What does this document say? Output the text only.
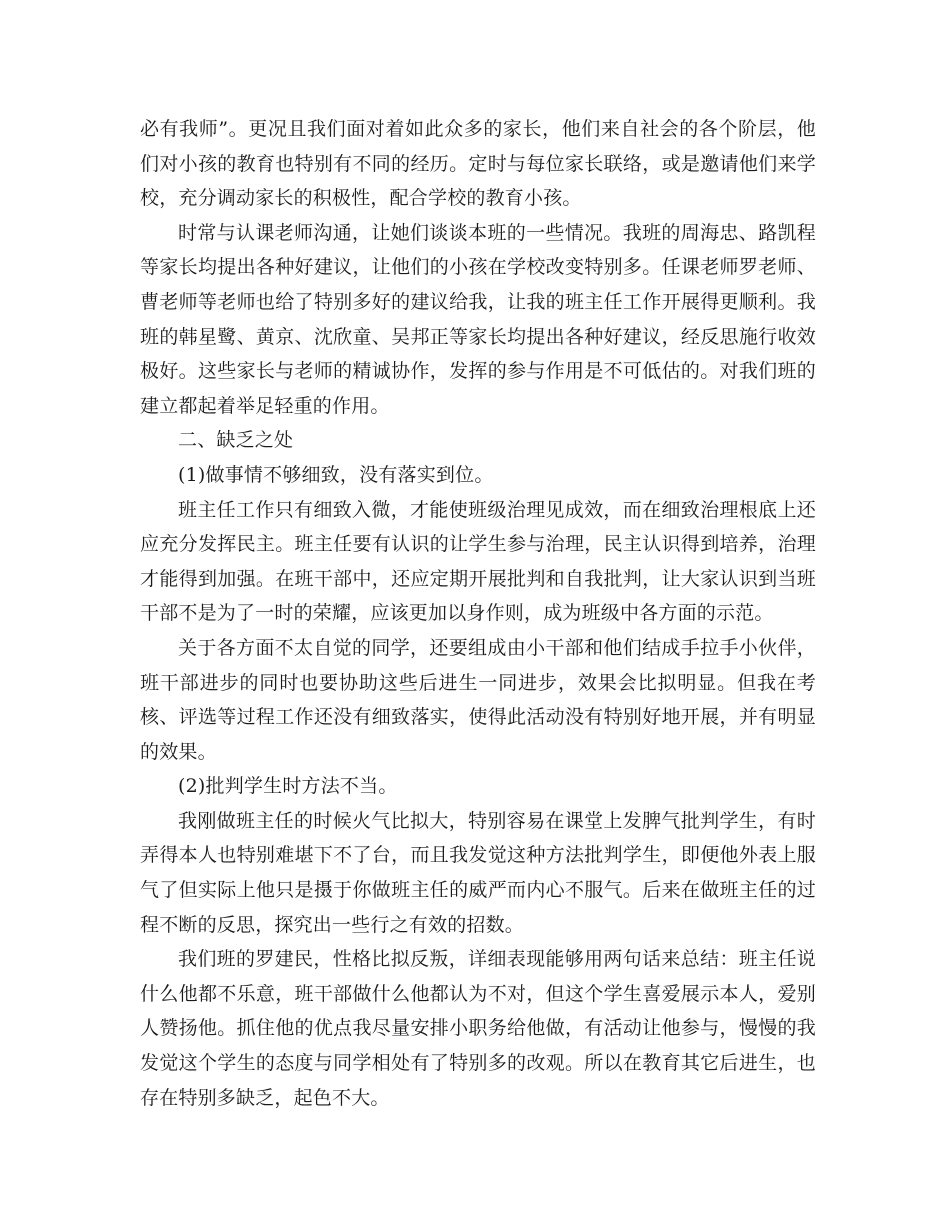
必有我师”。更况且我们面对着如此众多的家长，他们来自社会的各个阶层，他们对小孩的教育也特别有不同的经历。定时与每位家长联络，或是邀请他们来学校，充分调动家长的积极性，配合学校的教育小孩。

时常与认课老师沟通，让她们谈谈本班的一些情况。我班的周海忠、路凯程等家长均提出各种好建议，让他们的小孩在学校改变特别多。任课老师罗老师、曹老师等老师也给了特别多好的建议给我，让我的班主任工作开展得更顺利。我班的韩星鹭、黄京、沈欣童、吴邦正等家长均提出各种好建议，经反思施行收效极好。这些家长与老师的精诚协作，发挥的参与作用是不可低估的。对我们班的建立都起着举足轻重的作用。

二、缺乏之处

(1)做事情不够细致，没有落实到位。

班主任工作只有细致入微，才能使班级治理见成效，而在细致治理根底上还应充分发挥民主。班主任要有认识的让学生参与治理，民主认识得到培养，治理才能得到加强。在班干部中，还应定期开展批判和自我批判，让大家认识到当班干部不是为了一时的荣耀，应该更加以身作则，成为班级中各方面的示范。

关于各方面不太自觉的同学，还要组成由小干部和他们结成手拉手小伙伴，班干部进步的同时也要协助这些后进生一同进步，效果会比拟明显。但我在考核、评选等过程工作还没有细致落实，使得此活动没有特别好地开展，并有明显的效果。

(2)批判学生时方法不当。

我刚做班主任的时候火气比拟大，特别容易在课堂上发脾气批判学生，有时弄得本人也特别难堪下不了台，而且我发觉这种方法批判学生，即便他外表上服气了但实际上他只是摄于你做班主任的威严而内心不服气。后来在做班主任的过程不断的反思，探究出一些行之有效的招数。

我们班的罗建民，性格比拟反叛，详细表现能够用两句话来总结：班主任说什么他都不乐意，班干部做什么他都认为不对，但这个学生喜爱展示本人，爱别人赞扬他。抓住他的优点我尽量安排小职务给他做，有活动让他参与，慢慢的我发觉这个学生的态度与同学相处有了特别多的改观。所以在教育其它后进生，也存在特别多缺乏，起色不大。
